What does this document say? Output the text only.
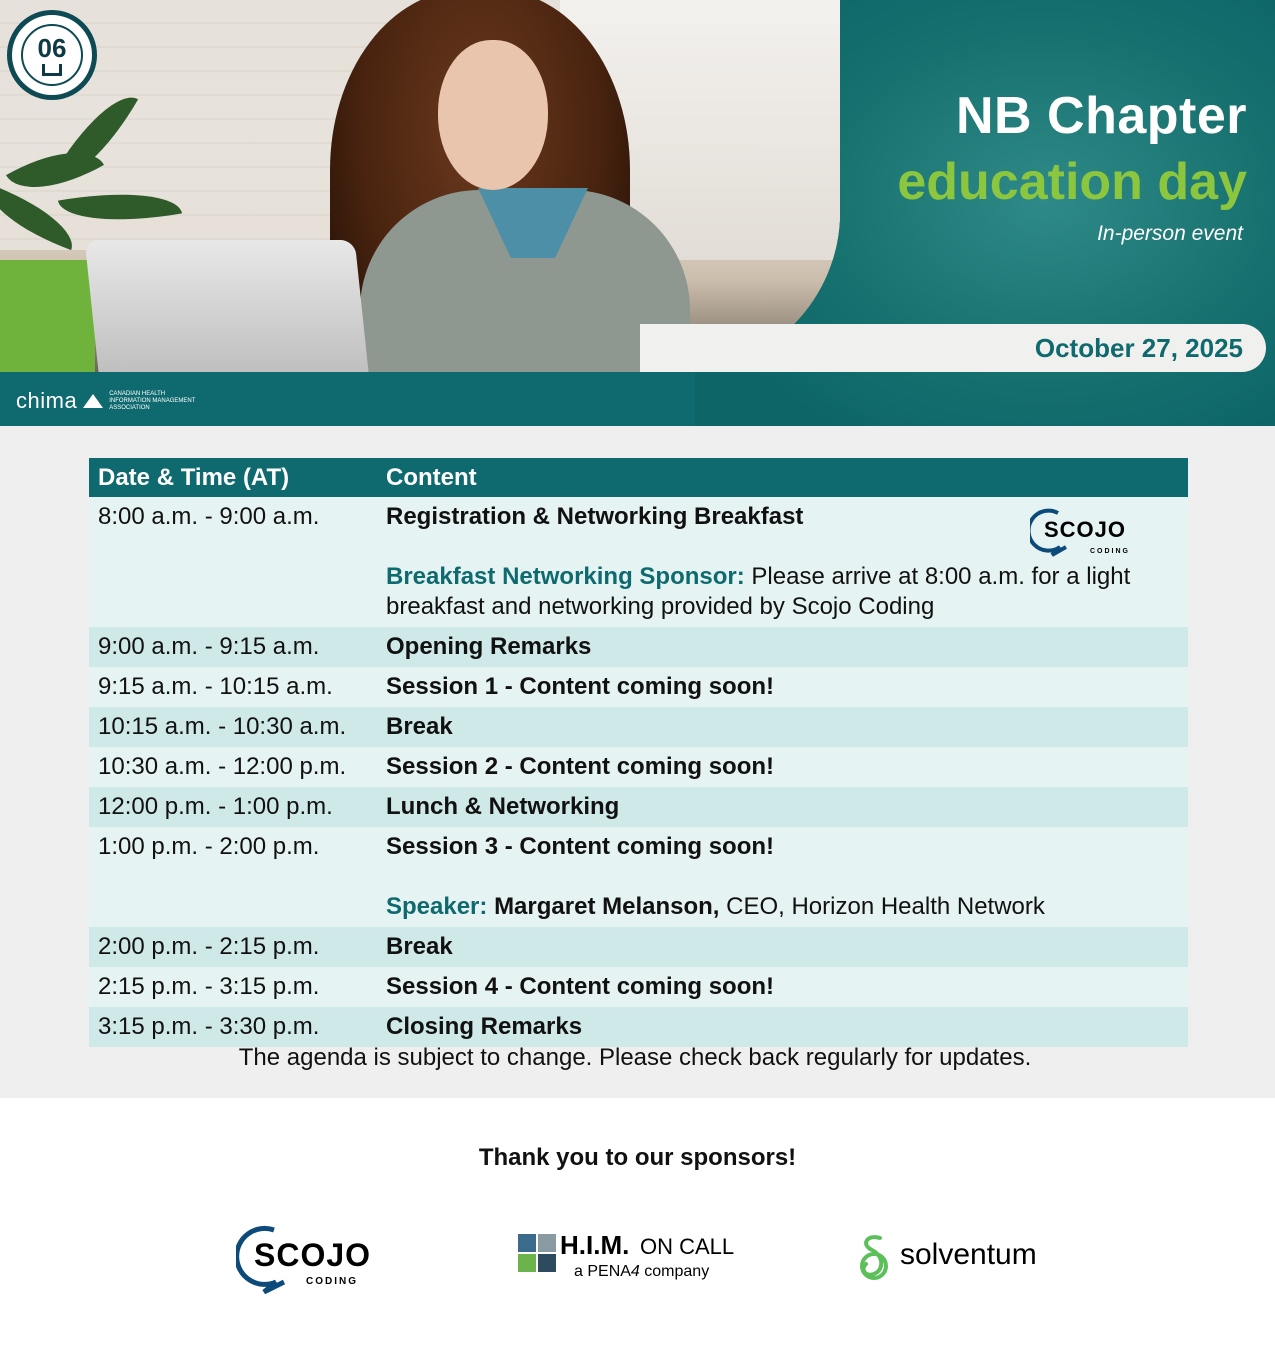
06
NB Chapter
education day
In-person event
October 27, 2025
chima	CANADIAN HEALTH INFORMATION MANAGEMENT ASSOCIATION
Date & Time (AT)	Content
8:00 a.m. - 9:00 a.m.	Registration & Networking Breakfast
Breakfast Networking Sponsor: Please arrive at 8:00 a.m. for a light breakfast and networking provided by Scojo Coding
SCOJO
CODING

9:00 a.m. - 9:15 a.m.	Opening Remarks

9:15 a.m. - 10:15 a.m.	Session 1 - Content coming soon!

10:15 a.m. - 10:30 a.m.	Break

10:30 a.m. - 12:00 p.m.	Session 2 - Content coming soon!

12:00 p.m. - 1:00 p.m.	Lunch & Networking

1:00 p.m. - 2:00 p.m.	Session 3 - Content coming soon!
Speaker: Margaret Melanson, CEO, Horizon Health Network

2:00 p.m. - 2:15 p.m.	Break

2:15 p.m. - 3:15 p.m.	Session 4 - Content coming soon!

3:15 p.m. - 3:30 p.m.	Closing Remarks
The agenda is subject to change. Please check back regularly for updates.
Thank you to our sponsors!
SCOJO
CODING
H.I.M. ON CALL
a PENA4 company
solventum
